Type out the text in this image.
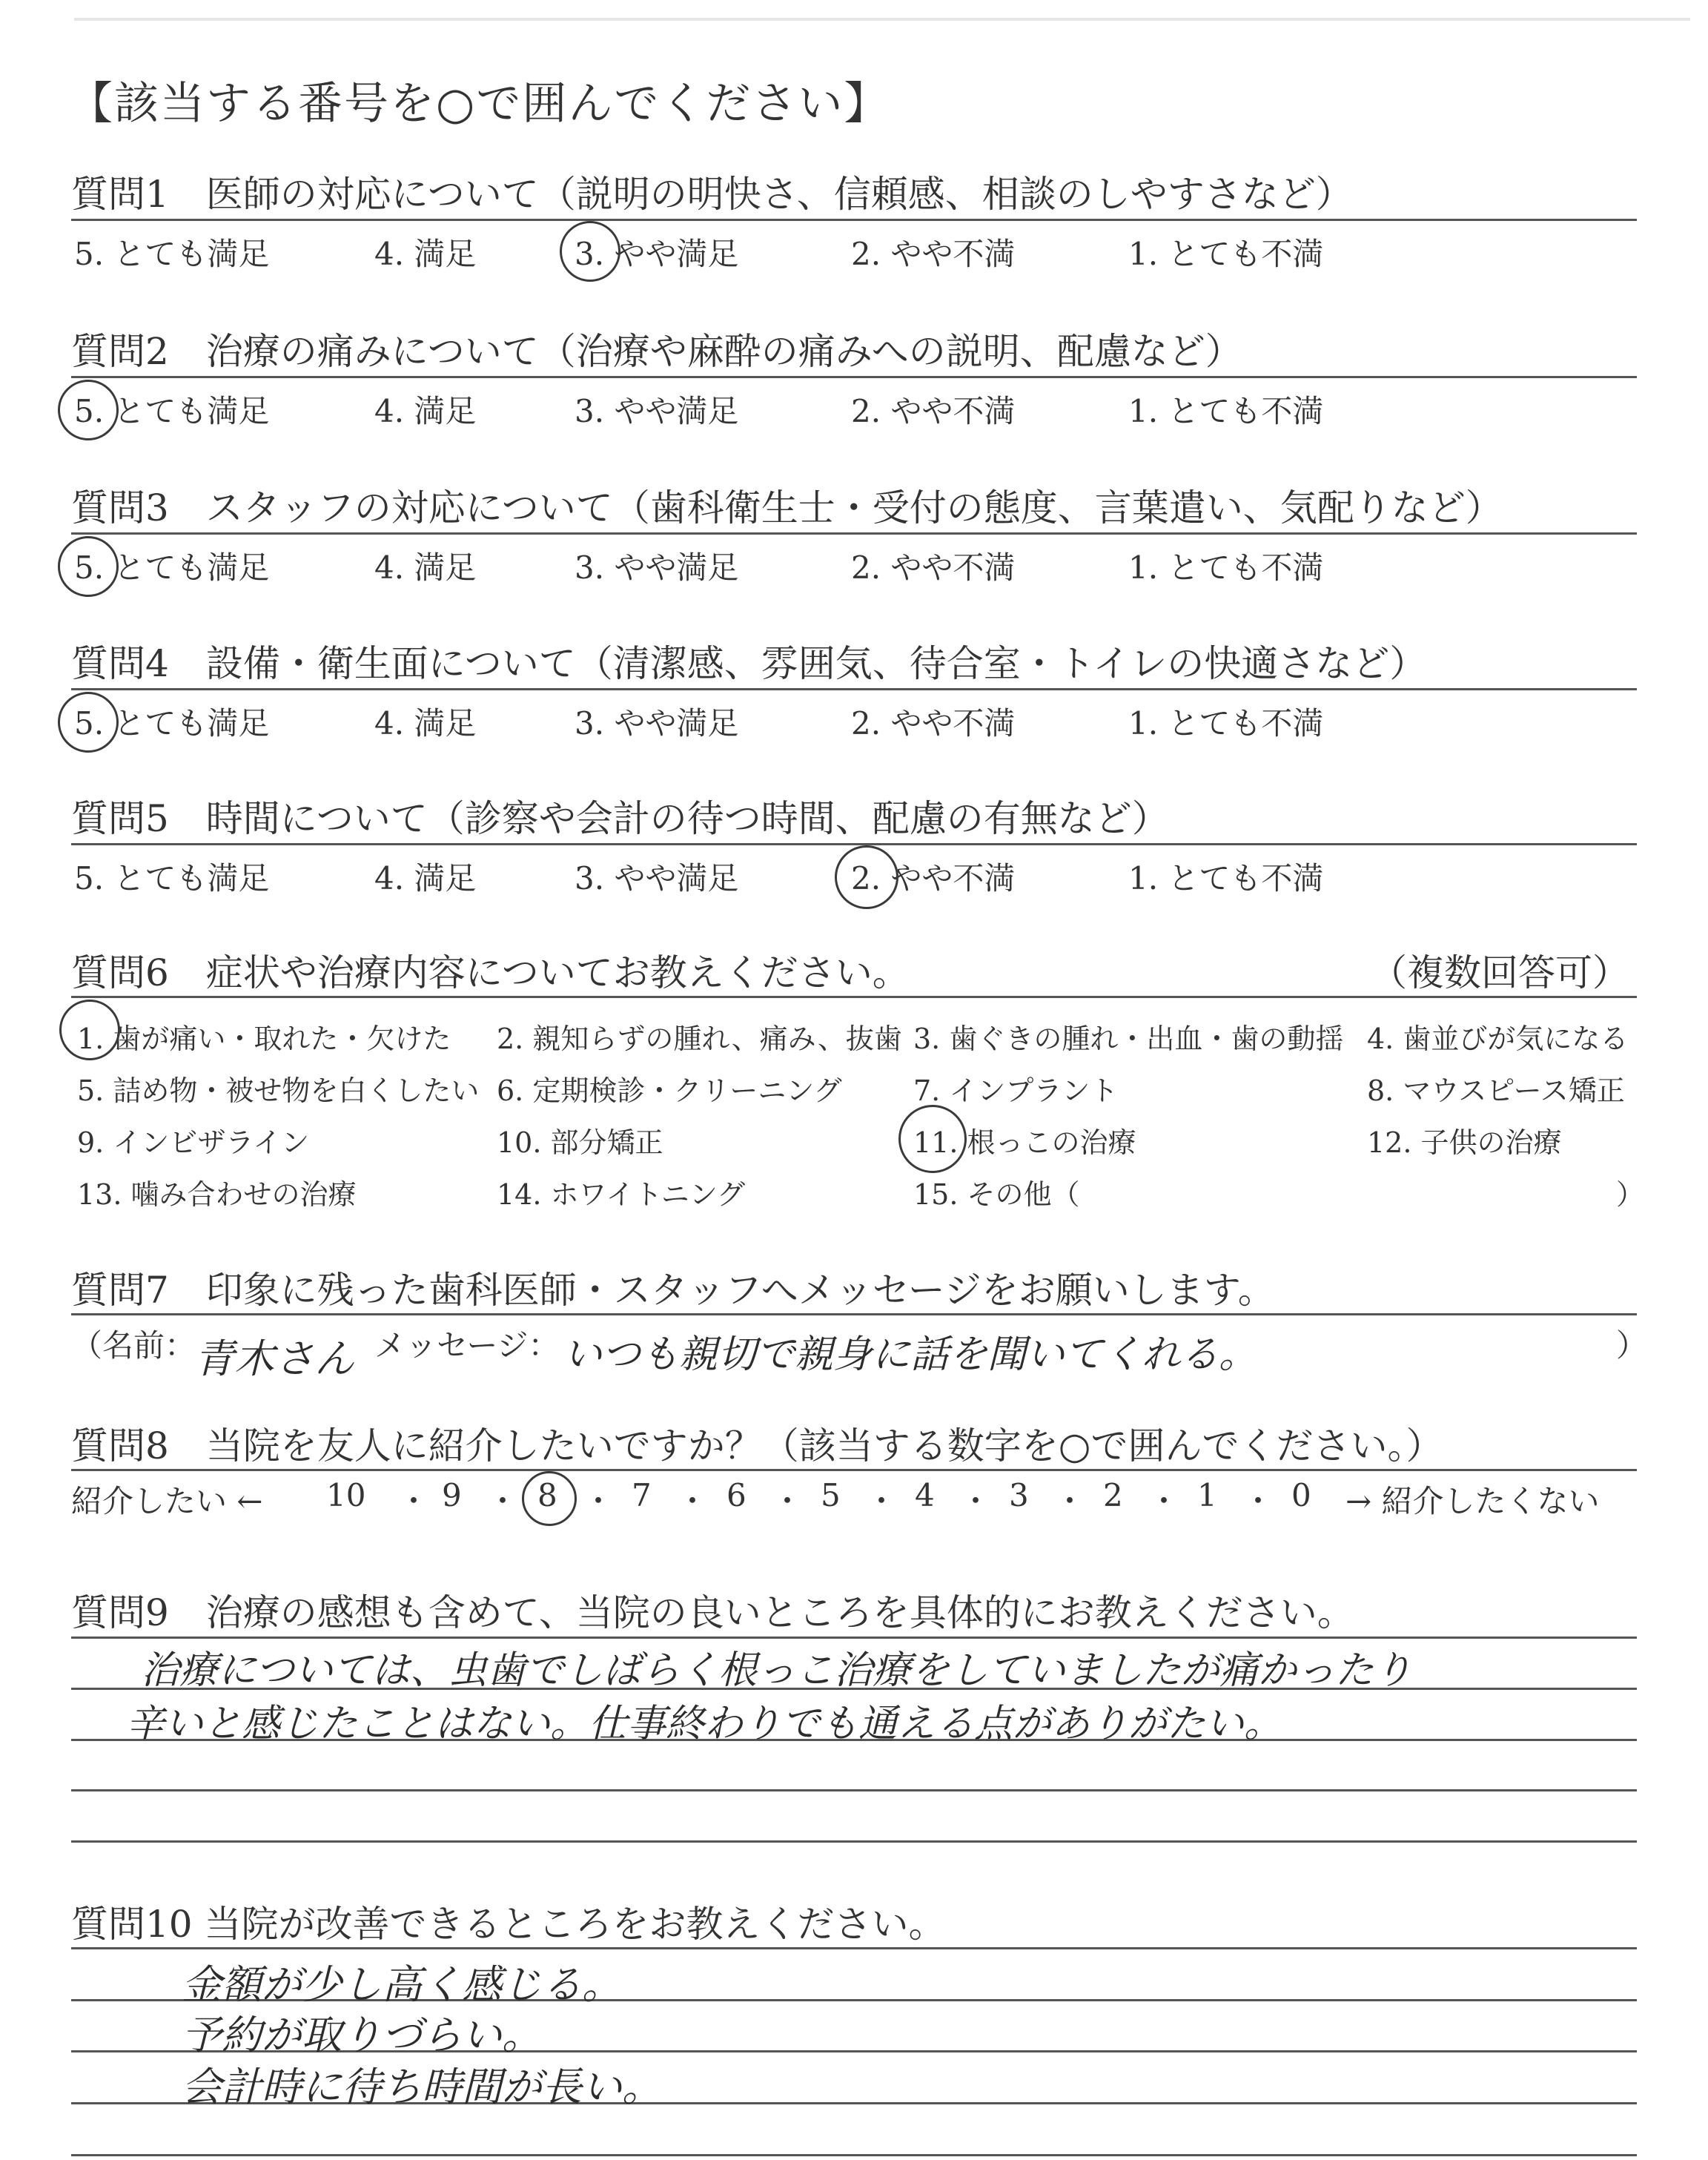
【該当する番号を○で囲んでください】
質問1　医師の対応について（説明の明快さ、信頼感、相談のしやすさなど）
5. とても満足	4. 満足	3. やや満足	2. やや不満	1. とても不満
質問2　治療の痛みについて（治療や麻酔の痛みへの説明、配慮など）
5. とても満足	4. 満足	3. やや満足	2. やや不満	1. とても不満
質問3　スタッフの対応について（歯科衛生士・受付の態度、言葉遣い、気配りなど）
5. とても満足	4. 満足	3. やや満足	2. やや不満	1. とても不満
質問4　設備・衛生面について（清潔感、雰囲気、待合室・トイレの快適さなど）
5. とても満足	4. 満足	3. やや満足	2. やや不満	1. とても不満
質問5　時間について（診察や会計の待つ時間、配慮の有無など）
5. とても満足	4. 満足	3. やや満足	2. やや不満	1. とても不満
質問6　症状や治療内容についてお教えください。	（複数回答可）
1. 歯が痛い・取れた・欠けた 2. 親知らずの腫れ、痛み、抜歯 3. 歯ぐきの腫れ・出血・歯の動揺 4. 歯並びが気になる
5. 詰め物・被せ物を白くしたい 6. 定期検診・クリーニング	7. インプラント	8. マウスピース矯正
9. インビザライン	10. 部分矯正	11. 根っこの治療	12. 子供の治療
13. 噛み合わせの治療	14. ホワイトニング	15. その他（	）
質問7　印象に残った歯科医師・スタッフへメッセージをお願いします。
（名前：
青木さん メッセージ： いつも親切で親身に話を聞いてくれる。	）
質問8　当院を友人に紹介したいですか？（該当する数字を○で囲んでください。）
紹介したい ←	→ 紹介したくない
10 ・ 9 ・ 8 ・ 7 ・ 6 ・ 5 ・ 4 ・ 3 ・ 2 ・ 1 ・ 0
質問9　治療の感想も含めて、当院の良いところを具体的にお教えください。
治療については、虫歯でしばらく根っこ治療をしていましたが痛かったり
辛いと感じたことはない。仕事終わりでも通える点がありがたい。
質問10 当院が改善できるところをお教えください。
金額が少し高く感じる。
予約が取りづらい。
会計時に待ち時間が長い。
